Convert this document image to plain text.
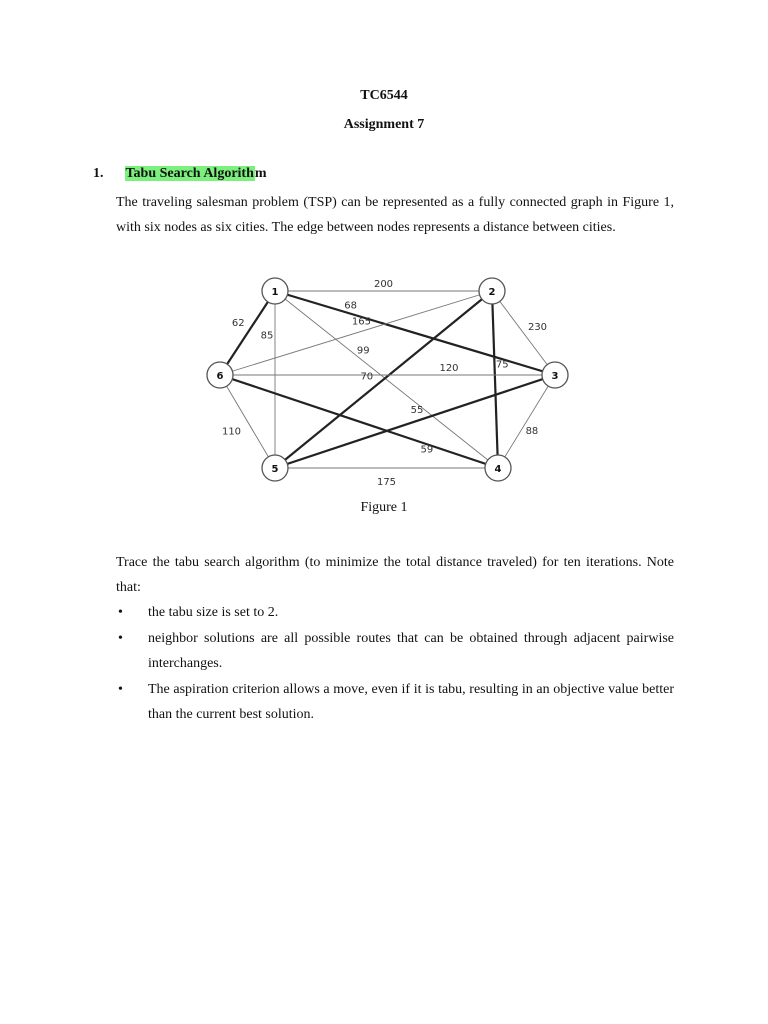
TC6544
Assignment 7
1. Tabu Search Algorithm
The traveling salesman problem (TSP) can be represented as a fully connected graph in Figure 1, with six nodes as six cities. The edge between nodes represents a distance between cities.
200
68
99
85
62	230
75
70
165
88
55
120
175
59
110
1	2
3
4
5
6
Figure 1
Trace the tabu search algorithm (to minimize the total distance traveled) for ten iterations. Note that:
• the tabu size is set to 2.
• neighbor solutions are all possible routes that can be obtained through adjacent pairwise interchanges.
• The aspiration criterion allows a move, even if it is tabu, resulting in an objective value better than the current best solution.
